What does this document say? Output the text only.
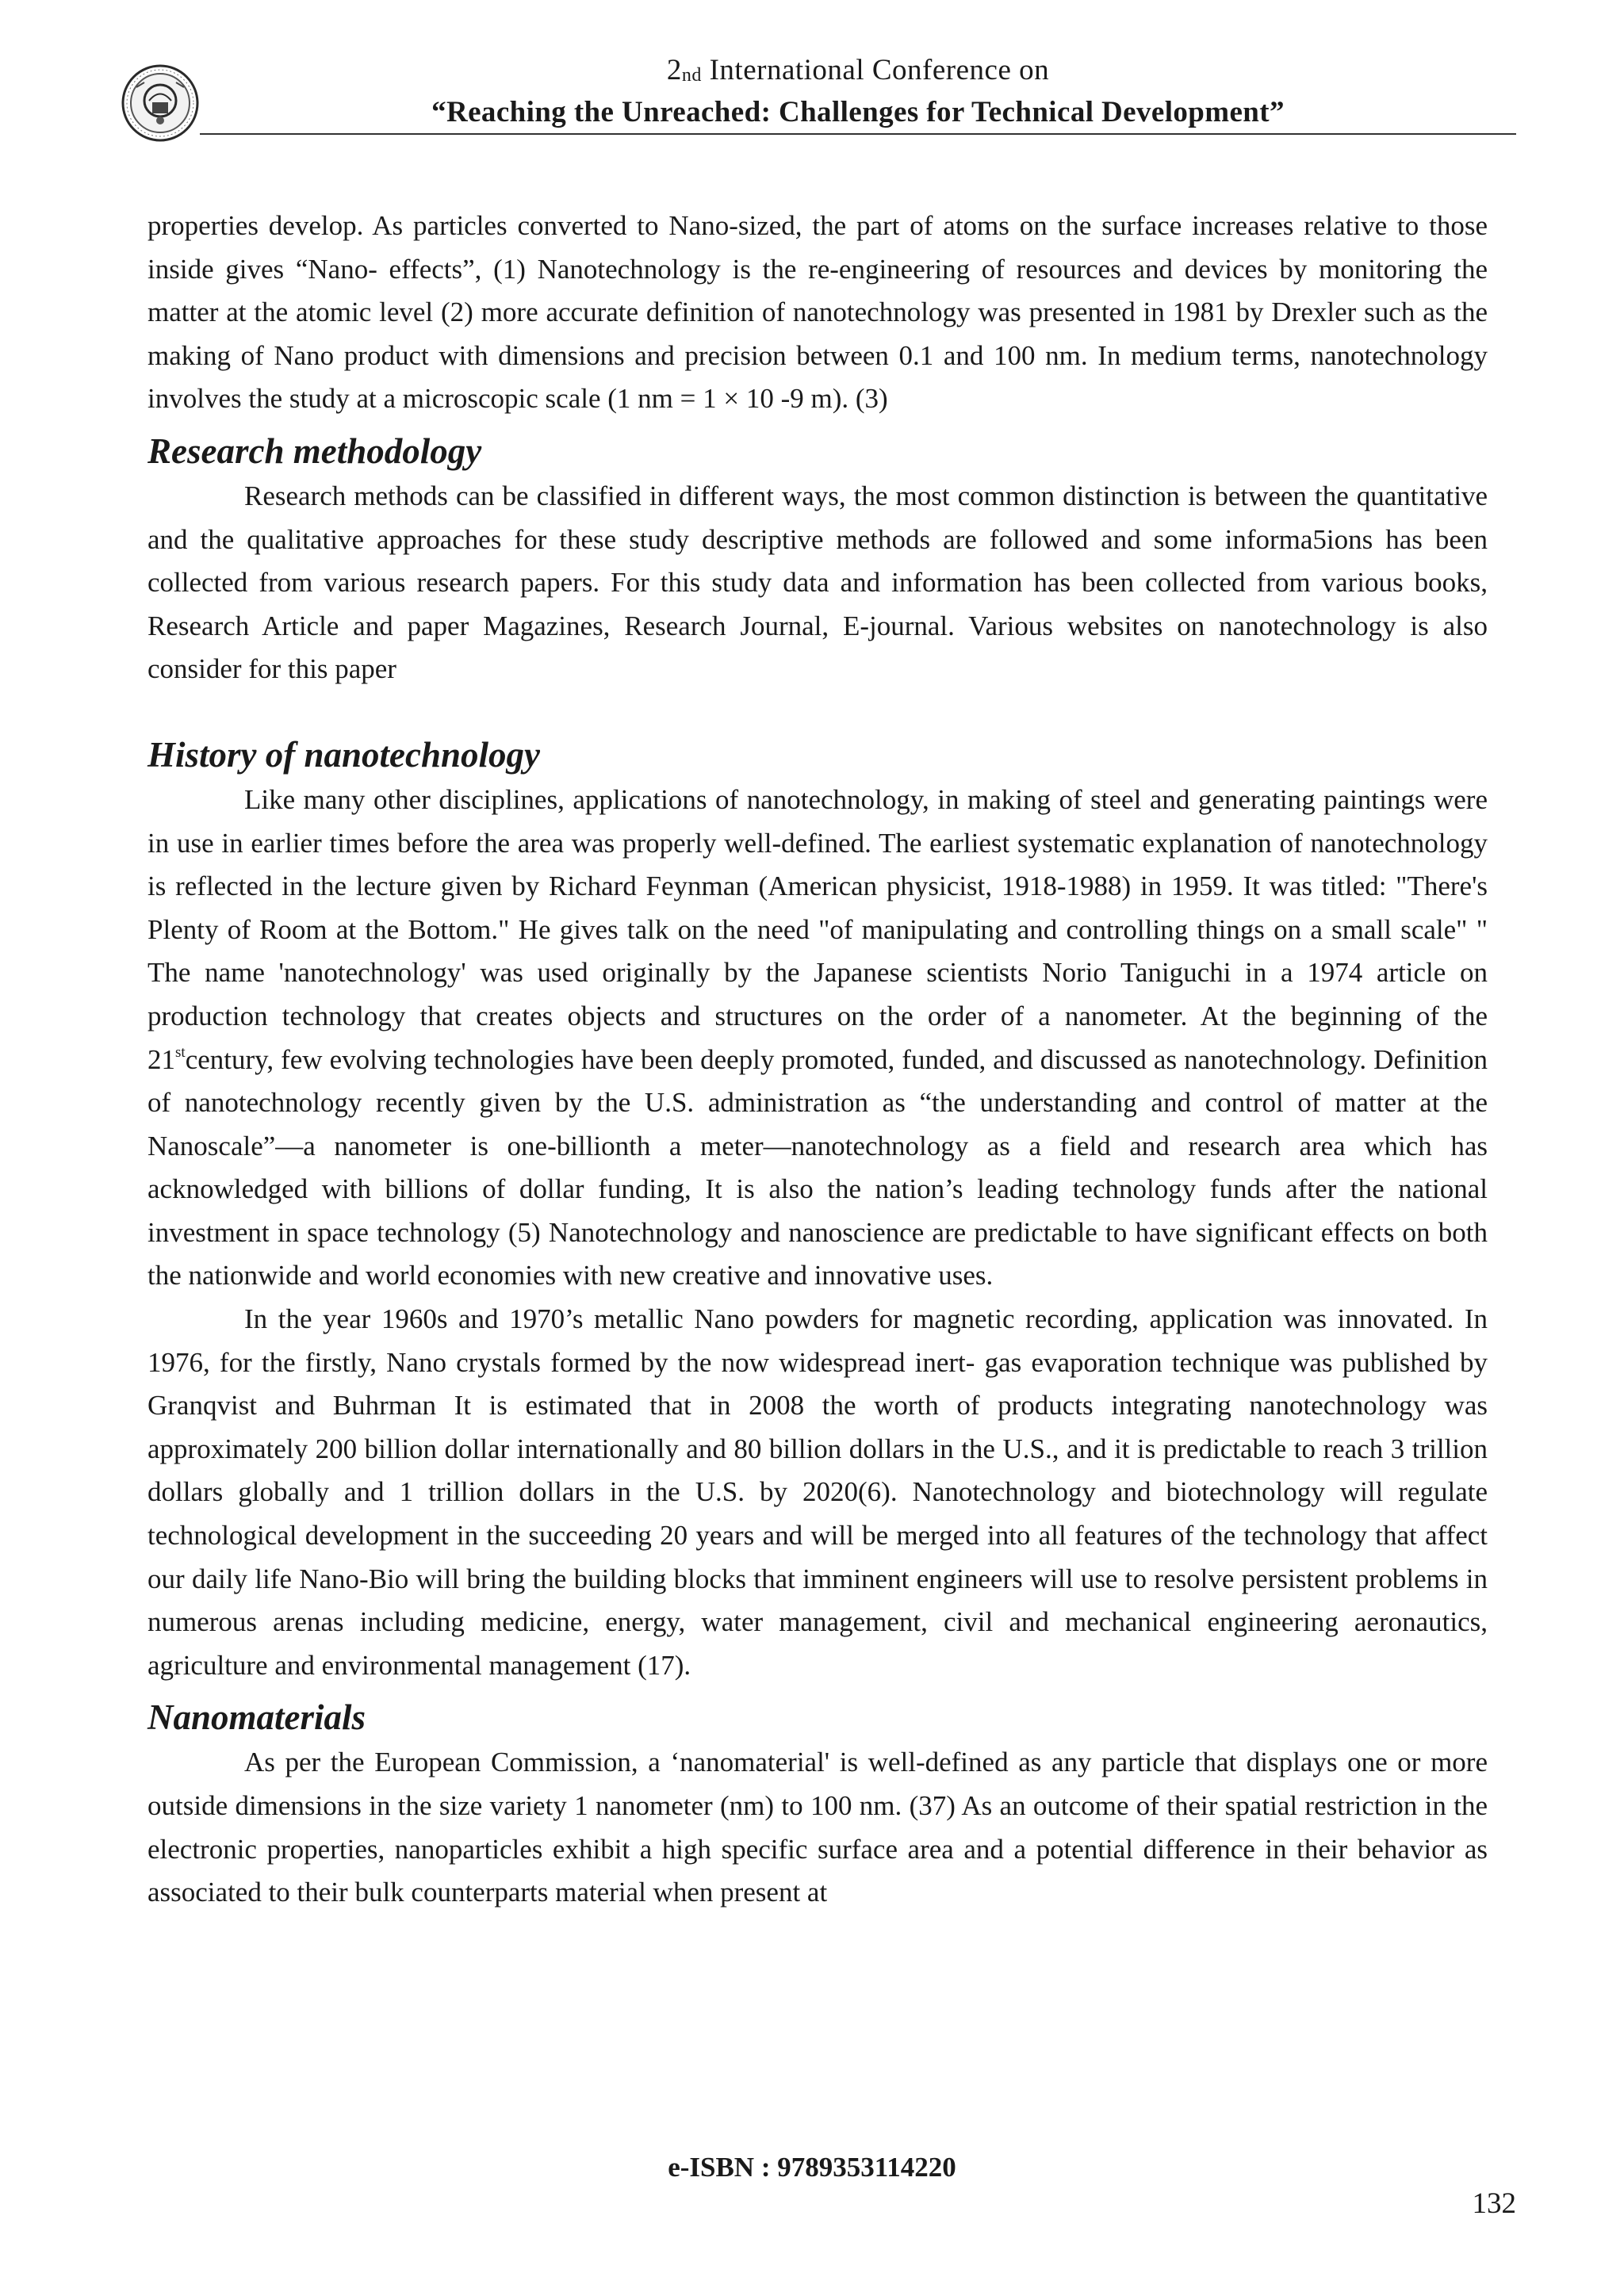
2nd International Conference on
“Reaching the Unreached: Challenges for Technical Development”

properties develop. As particles converted to Nano-sized, the part of atoms on the surface increases relative to those inside gives “Nano- effects”, (1) Nanotechnology is the re-engineering of resources and devices by monitoring the matter at the atomic level (2) more accurate definition of nanotechnology was presented in 1981 by Drexler such as the making of Nano product with dimensions and precision between 0.1 and 100 nm. In medium terms, nanotechnology involves the study at a microscopic scale (1 nm = 1 × 10 -9 m). (3)

Research methodology

Research methods can be classified in different ways, the most common distinction is between the quantitative and the qualitative approaches for these study descriptive methods are followed and some informa5ions has been collected from various research papers. For this study data and information has been collected from various books, Research Article and paper Magazines, Research Journal, E-journal. Various websites on nanotechnology is also consider for this paper

History of nanotechnology

Like many other disciplines, applications of nanotechnology, in making of steel and generating paintings were in use in earlier times before the area was properly well-defined. The earliest systematic explanation of nanotechnology is reflected in the lecture given by Richard Feynman (American physicist, 1918-1988) in 1959. It was titled: "There's Plenty of Room at the Bottom." He gives talk on the need "of manipulating and controlling things on a small scale" " The name 'nanotechnology' was used originally by the Japanese scientists Norio Taniguchi in a 1974 article on production technology that creates objects and structures on the order of a nanometer. At the beginning of the 21stcentury, few evolving technologies have been deeply promoted, funded, and discussed as nanotechnology. Definition of nanotechnology recently given by the U.S. administration as “the understanding and control of matter at the Nanoscale”—a nanometer is one-billionth a meter—nanotechnology as a field and research area which has acknowledged with billions of dollar funding, It is also the nation’s leading technology funds after the national investment in space technology (5) Nanotechnology and nanoscience are predictable to have significant effects on both the nationwide and world economies with new creative and innovative uses.

In the year 1960s and 1970’s metallic Nano powders for magnetic recording, application was innovated. In 1976, for the firstly, Nano crystals formed by the now widespread inert- gas evaporation technique was published by Granqvist and Buhrman It is estimated that in 2008 the worth of products integrating nanotechnology was approximately 200 billion dollar internationally and 80 billion dollars in the U.S., and it is predictable to reach 3 trillion dollars globally and 1 trillion dollars in the U.S. by 2020(6). Nanotechnology and biotechnology will regulate technological development in the succeeding 20 years and will be merged into all features of the technology that affect our daily life Nano-Bio will bring the building blocks that imminent engineers will use to resolve persistent problems in numerous arenas including medicine, energy, water management, civil and mechanical engineering aeronautics, agriculture and environmental management (17).

Nanomaterials

As per the European Commission, a ‘nanomaterial' is well-defined as any particle that displays one or more outside dimensions in the size variety 1 nanometer (nm) to 100 nm. (37) As an outcome of their spatial restriction in the electronic properties, nanoparticles exhibit a high specific surface area and a potential difference in their behavior as associated to their bulk counterparts material when present at

e-ISBN : 9789353114220
132
